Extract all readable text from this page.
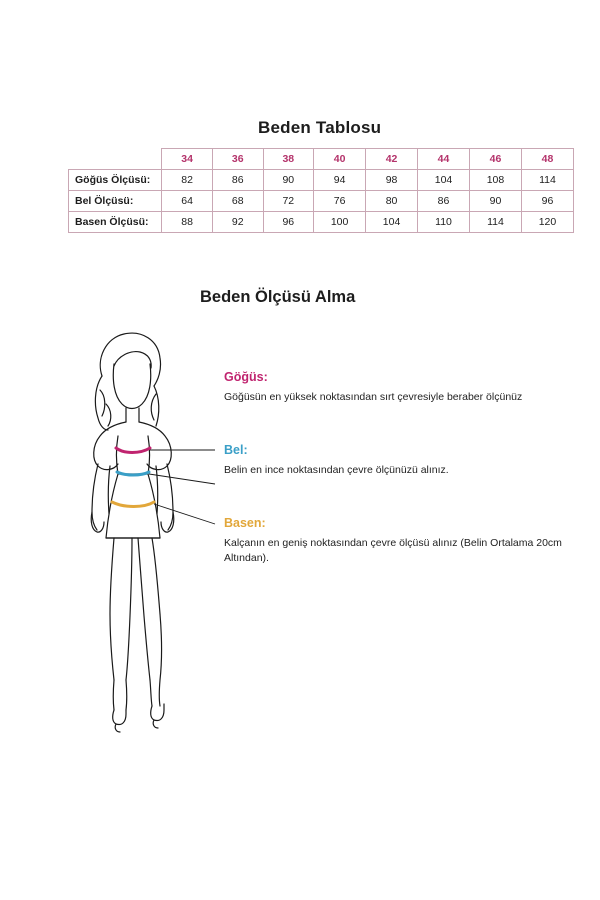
Beden Tablosu
	34	36	38	40	42	44	46	48
Göğüs Ölçüsü:	82	86	90	94	98	104	108	114
Bel Ölçüsü:	64	68	72	76	80	86	90	96
Basen Ölçüsü:	88	92	96	100	104	110	114	120
Beden Ölçüsü Alma
Göğüs:
Göğüsün en yüksek noktasından sırt çevresiyle beraber ölçünüz
Bel:
Belin en ince noktasından çevre ölçünüzü alınız.
Basen:
Kalçanın en geniş noktasından çevre ölçüsü alınız (Belin Ortalama 20cm Altından).
